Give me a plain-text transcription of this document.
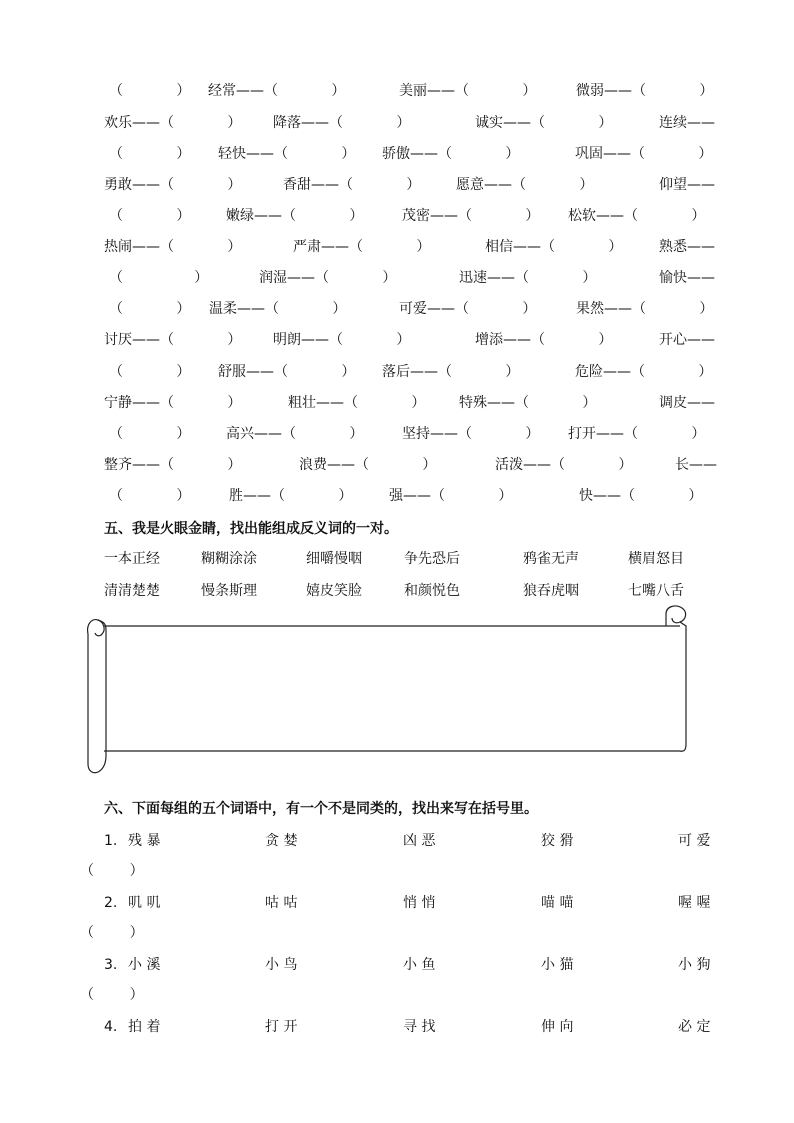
（            ） 经常——（            ）	美丽——（            ）	微弱——（            ）
欢乐——（            ） 降落——（            ）	诚实——（            ）	连续——
（            ） 轻快——（            ） 骄傲——（            ）	巩固——（            ）
勇敢——（            ）	香甜——（            ）	愿意——（            ）	仰望——
（            ）	嫩绿——（            ）	茂密——（            ） 松软——（            ）
热闹——（            ）	严肃——（            ）	相信——（            ）	熟悉——
（                ）	润湿——（            ）	迅速——（            ）	愉快——
（            ） 温柔——（            ）	可爱——（            ）	果然——（            ）
讨厌——（            ） 明朗——（            ）	增添——（            ）	开心——
（            ） 舒服——（            ） 落后——（            ）	危险——（            ）
宁静——（            ）	粗壮——（            ） 特殊——（            ）	调皮——
（            ）	高兴——（            ）	坚持——（            ） 打开——（            ）
整齐——（            ）	浪费——（            ）	活泼——（            ）	长——
（            ）	胜——（            ）	强——（            ）	快——（            ）
五、我是火眼金睛，找出能组成反义词的一对。
一本正经	糊糊涂涂	细嚼慢咽	争先恐后	鸦雀无声	横眉怒目
清清楚楚	慢条斯理	嬉皮笑脸	和颜悦色	狼吞虎咽	七嘴八舌
六、下面每组的五个词语中，有一个不是同类的，找出来写在括号里。
1. 残 暴	贪 婪	凶 恶	狡 猾	可 爱
（        ）
2. 叽 叽	咕 咕	悄 悄	喵 喵	喔 喔
（        ）
3. 小 溪	小 鸟	小 鱼	小 猫	小 狗
（        ）
4. 拍 着	打 开	寻 找	伸 向	必 定
